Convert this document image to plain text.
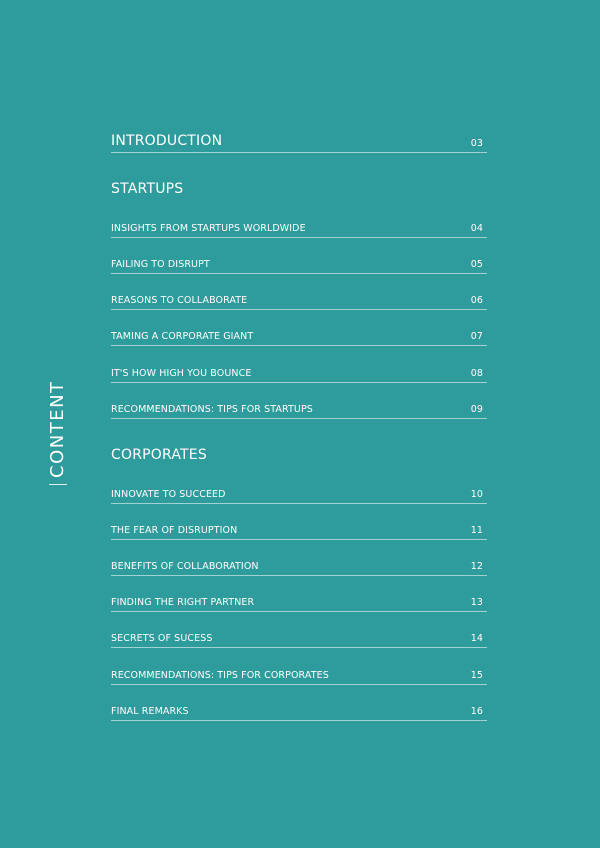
CONTENT
INTRODUCTION	03
STARTUPS
INSIGHTS FROM STARTUPS WORLDWIDE	04
FAILING TO DISRUPT	05
REASONS TO COLLABORATE	06
TAMING A CORPORATE GIANT	07
IT'S HOW HIGH YOU BOUNCE	08
RECOMMENDATIONS: TIPS FOR STARTUPS	09
CORPORATES
INNOVATE TO SUCCEED	10
THE FEAR OF DISRUPTION	11
BENEFITS OF COLLABORATION	12
FINDING THE RIGHT PARTNER	13
SECRETS OF SUCESS	14
RECOMMENDATIONS: TIPS FOR CORPORATES	15
FINAL REMARKS	16
